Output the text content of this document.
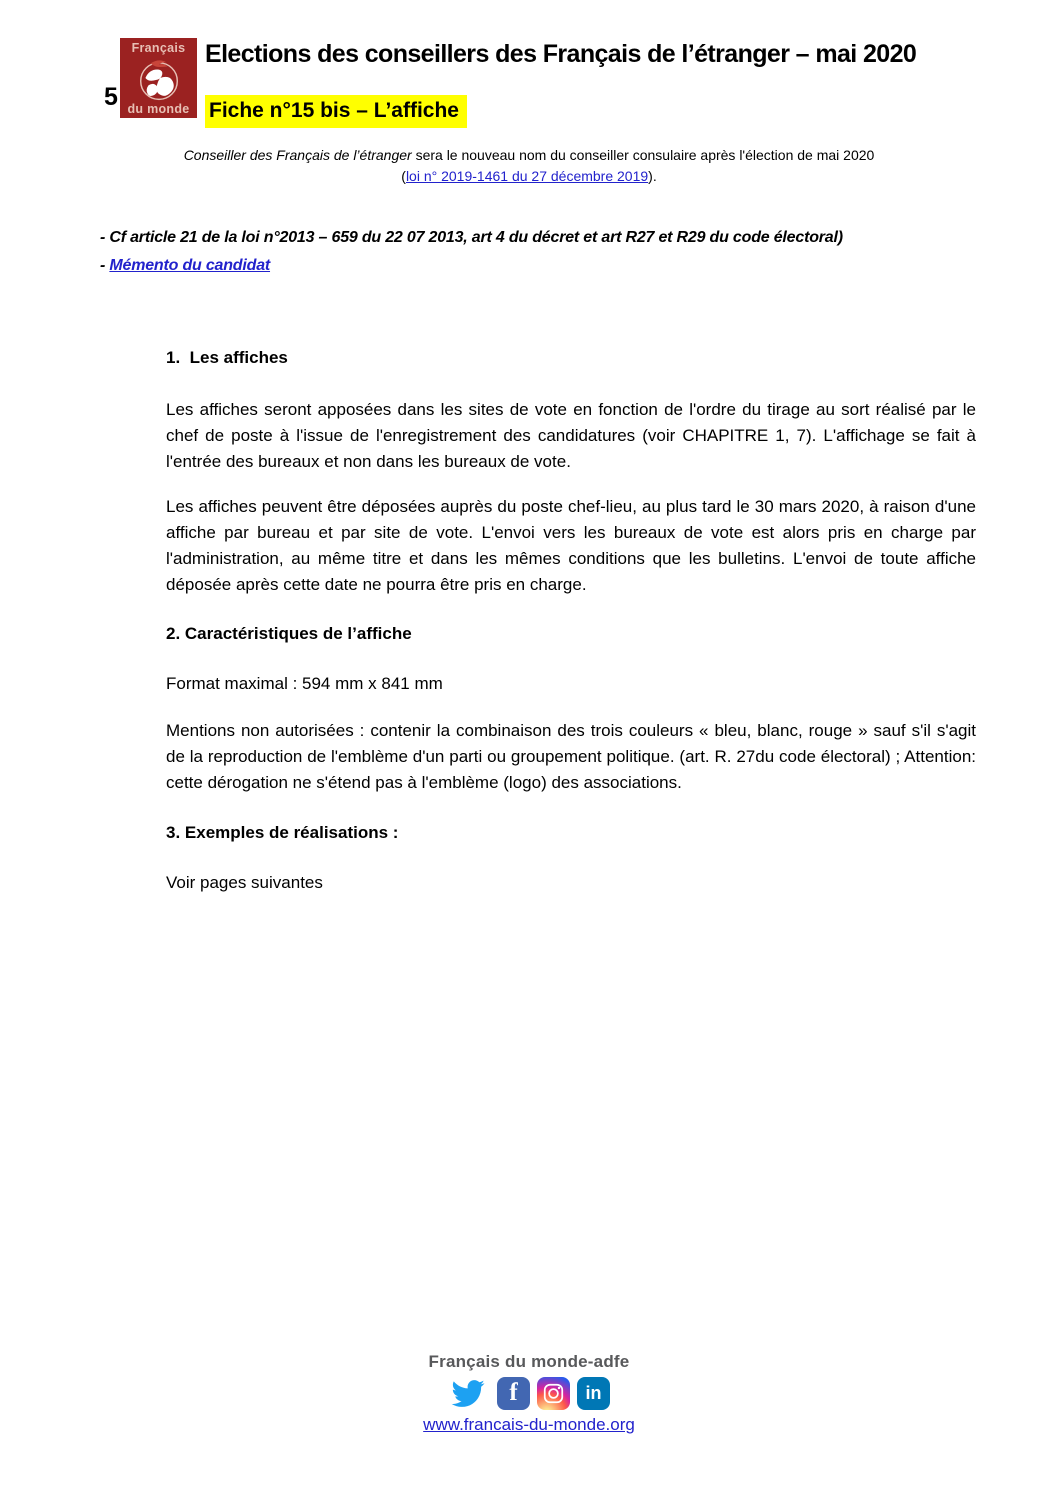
Français
du monde
5
Elections des conseillers des Français de l’étranger – mai 2020
Fiche n°15 bis – L’affiche
Conseiller des Français de l’étranger sera le nouveau nom du conseiller consulaire après l'élection de mai 2020
(loi n° 2019-1461 du 27 décembre 2019).
- Cf article 21 de la loi n°2013 – 659 du 22 07 2013, art 4 du décret et art R27 et R29 du code électoral)
- Mémento du candidat
1.  Les affiches

Les affiches seront apposées dans les sites de vote en fonction de l'ordre du tirage au sort réalisé par le chef de poste à l'issue de l'enregistrement des candidatures (voir CHAPITRE 1, 7). L'affichage se fait à l'entrée des bureaux et non dans les bureaux de vote.

Les affiches peuvent être déposées auprès du poste chef-lieu, au plus tard le 30 mars 2020, à raison d'une affiche par bureau et par site de vote. L'envoi vers les bureaux de vote est alors pris en charge par l'administration, au même titre et dans les mêmes conditions que les bulletins. L'envoi de toute affiche déposée après cette date ne pourra être pris en charge.

2. Caractéristiques de l’affiche

Format maximal : 594 mm x 841 mm

Mentions non autorisées : contenir la combinaison des trois couleurs « bleu, blanc, rouge » sauf s'il s'agit de la reproduction de l'emblème d'un parti ou groupement politique. (art. R. 27du code électoral) ; Attention: cette dérogation ne s'étend pas à l'emblème (logo) des associations.

3. Exemples de réalisations :

Voir pages suivantes

Français du monde-adfe
f	in
www.francais-du-monde.org
